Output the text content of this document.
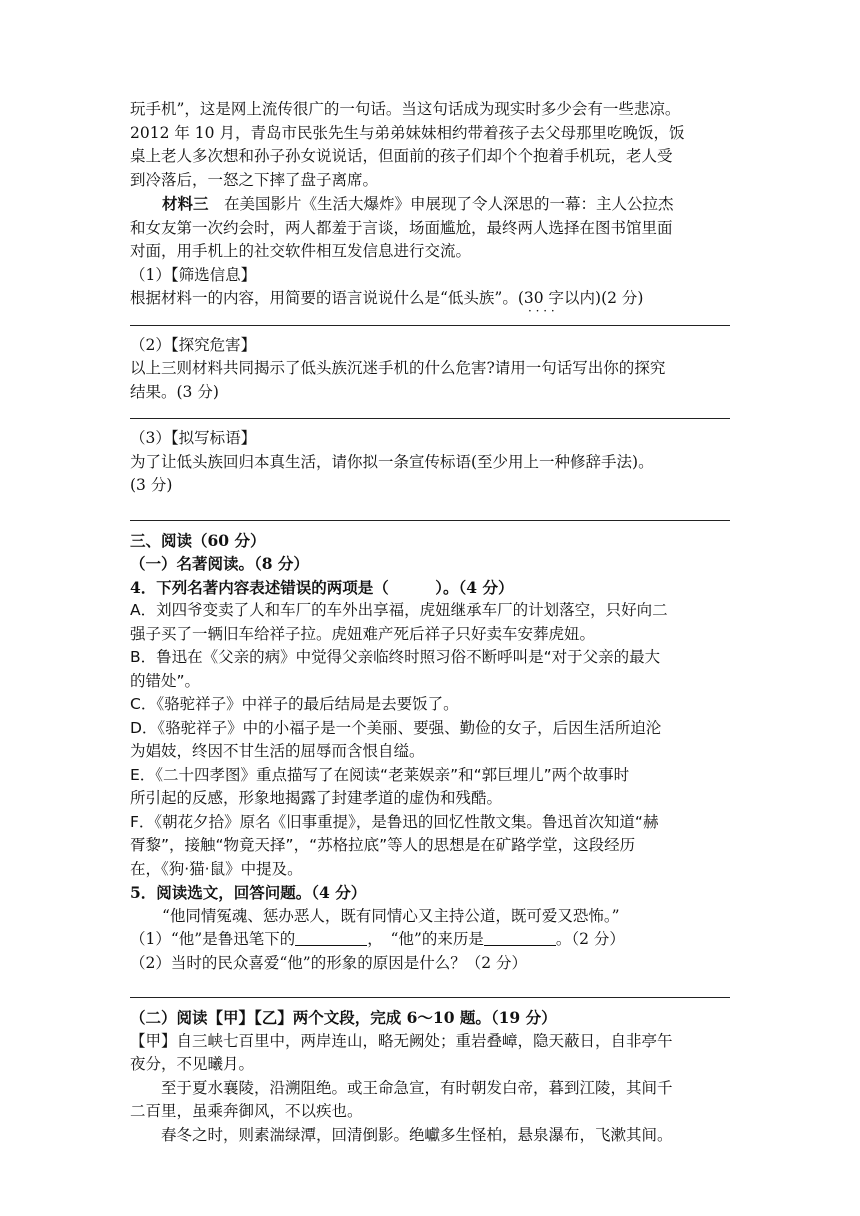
玩手机”，这是网上流传很广的一句话。当这句话成为现实时多少会有一些悲凉。
2012 年 10 月，青岛市民张先生与弟弟妹妹相约带着孩子去父母那里吃晚饭，饭
桌上老人多次想和孙子孙女说说话，但面前的孩子们却个个抱着手机玩，老人受
到冷落后，一怒之下摔了盘子离席。
材料三　在美国影片《生活大爆炸》申展现了令人深思的一幕：主人公拉杰
和女友第一次约会时，两人都羞于言谈，场面尴尬，最终两人选择在图书馆里面
对面，用手机上的社交软件相互发信息进行交流。
（1）【筛选信息】
根据材料一的内容，用简要的语言说说什么是“低头族”。(30 字以内)(2 分)
· · · ·
（2）【探究危害】
以上三则材料共同揭示了低头族沉迷手机的什么危害?请用一句话写出你的探究
结果。(3 分)
（3）【拟写标语】
为了让低头族回归本真生活，请你拟一条宣传标语(至少用上一种修辞手法)。
(3 分)
三、阅读（60 分）
（一）名著阅读。（8 分）
4．下列名著内容表述错误的两项是（　　　）。（4 分）
A．刘四爷变卖了人和车厂的车外出享福，虎妞继承车厂的计划落空，只好向二
强子买了一辆旧车给祥子拉。虎妞难产死后祥子只好卖车安葬虎妞。
B．鲁迅在《父亲的病》中觉得父亲临终时照习俗不断呼叫是“对于父亲的最大
的错处”。
C．《骆驼祥子》中祥子的最后结局是去要饭了。
D．《骆驼祥子》中的小福子是一个美丽、要强、勤俭的女子，后因生活所迫沦
为娼妓，终因不甘生活的屈辱而含恨自缢。
E．《二十四孝图》重点描写了在阅读“老莱娱亲”和“郭巨埋儿”两个故事时
所引起的反感，形象地揭露了封建孝道的虚伪和残酷。
F．《朝花夕拾》原名《旧事重提》，是鲁迅的回忆性散文集。鲁迅首次知道“赫
胥黎”，接触“物竟天择”，“苏格拉底”等人的思想是在矿路学堂，这段经历
在，《狗·猫·鼠》中提及。
5．阅读选文，回答问题。（4 分）
“他同情冤魂、惩办恶人，既有同情心又主持公道，既可爱又恐怖。”
（1）“他”是鲁迅笔下的	，　“他”的来历是	。（2 分）
（2）当时的民众喜爱“他”的形象的原因是什么？（2 分）
（二）阅读【甲】【乙】两个文段，完成 6～10 题。（19 分）
【甲】自三峡七百里中，两岸连山，略无阙处；重岩叠嶂，隐天蔽日，自非亭午
夜分，不见曦月。
　　至于夏水襄陵，沿溯阻绝。或王命急宣，有时朝发白帝，暮到江陵，其间千
二百里，虽乘奔御风，不以疾也。
　　春冬之时，则素湍绿潭，回清倒影。绝巘多生怪柏，悬泉瀑布，飞漱其间。
